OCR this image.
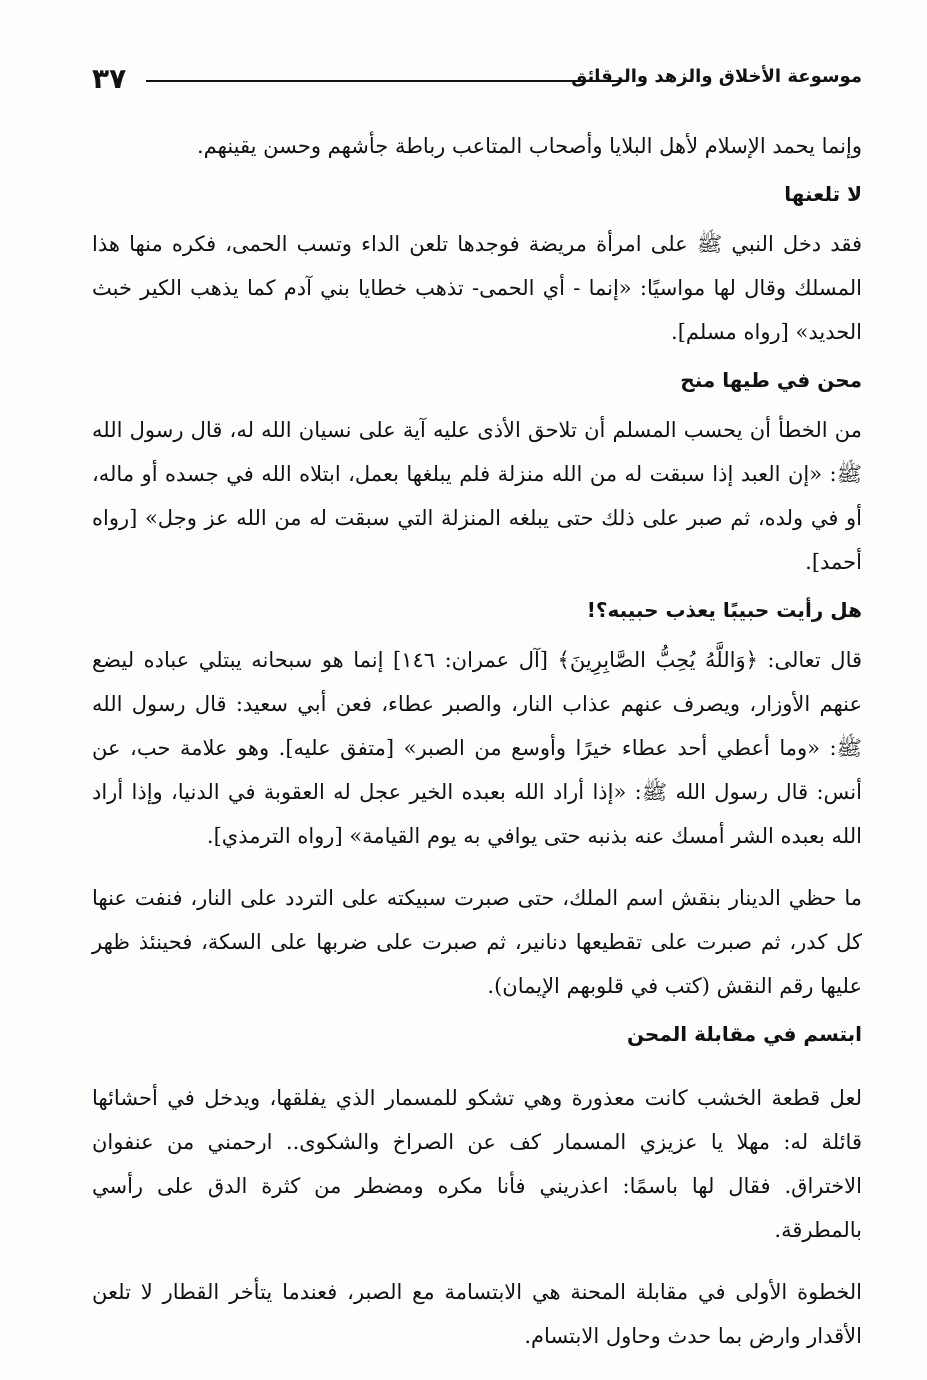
٣٧	موسوعة الأخلاق والزهد والرقائق

وإنما يحمد الإسلام لأهل البلايا وأصحاب المتاعب رباطة جأشهم وحسن يقينهم.

لا تلعنها

فقد دخل النبي ﷺ على امرأة مريضة فوجدها تلعن الداء وتسب الحمى، فكره منها هذا المسلك وقال لها مواسيًا: «إنما - أي الحمى- تذهب خطايا بني آدم كما يذهب الكير خبث الحديد» [رواه مسلم].

محن في طيها منح

من الخطأ أن يحسب المسلم أن تلاحق الأذى عليه آية على نسيان الله له، قال رسول الله ﷺ: «إن العبد إذا سبقت له من الله منزلة فلم يبلغها بعمل، ابتلاه الله في جسده أو ماله، أو في ولده، ثم صبر على ذلك حتى يبلغه المنزلة التي سبقت له من الله عز وجل» [رواه أحمد].

هل رأيت حبيبًا يعذب حبيبه؟!

قال تعالى: ﴿وَاللَّهُ يُحِبُّ الصَّابِرِينَ﴾ [آل عمران: ١٤٦] إنما هو سبحانه يبتلي عباده ليضع عنهم الأوزار، ويصرف عنهم عذاب النار، والصبر عطاء، فعن أبي سعيد: قال رسول الله ﷺ: «وما أعطي أحد عطاء خيرًا وأوسع من الصبر» [متفق عليه]. وهو علامة حب، عن أنس: قال رسول الله ﷺ: «إذا أراد الله بعبده الخير عجل له العقوبة في الدنيا، وإذا أراد الله بعبده الشر أمسك عنه بذنبه حتى يوافي به يوم القيامة» [رواه الترمذي].

ما حظي الدينار بنقش اسم الملك، حتى صبرت سبيكته على التردد على النار، فنفت عنها كل كدر، ثم صبرت على تقطيعها دنانير، ثم صبرت على ضربها على السكة، فحينئذ ظهر عليها رقم النقش (كتب في قلوبهم الإيمان).

ابتسم في مقابلة المحن

لعل قطعة الخشب كانت معذورة وهي تشكو للمسمار الذي يفلقها، ويدخل في أحشائها قائلة له: مهلا يا عزيزي المسمار كف عن الصراخ والشكوى.. ارحمني من عنفوان الاختراق. فقال لها باسمًا: اعذريني فأنا مكره ومضطر من كثرة الدق على رأسي بالمطرقة.

الخطوة الأولى في مقابلة المحنة هي الابتسامة مع الصبر، فعندما يتأخر القطار لا تلعن الأقدار وارض بما حدث وحاول الابتسام.
